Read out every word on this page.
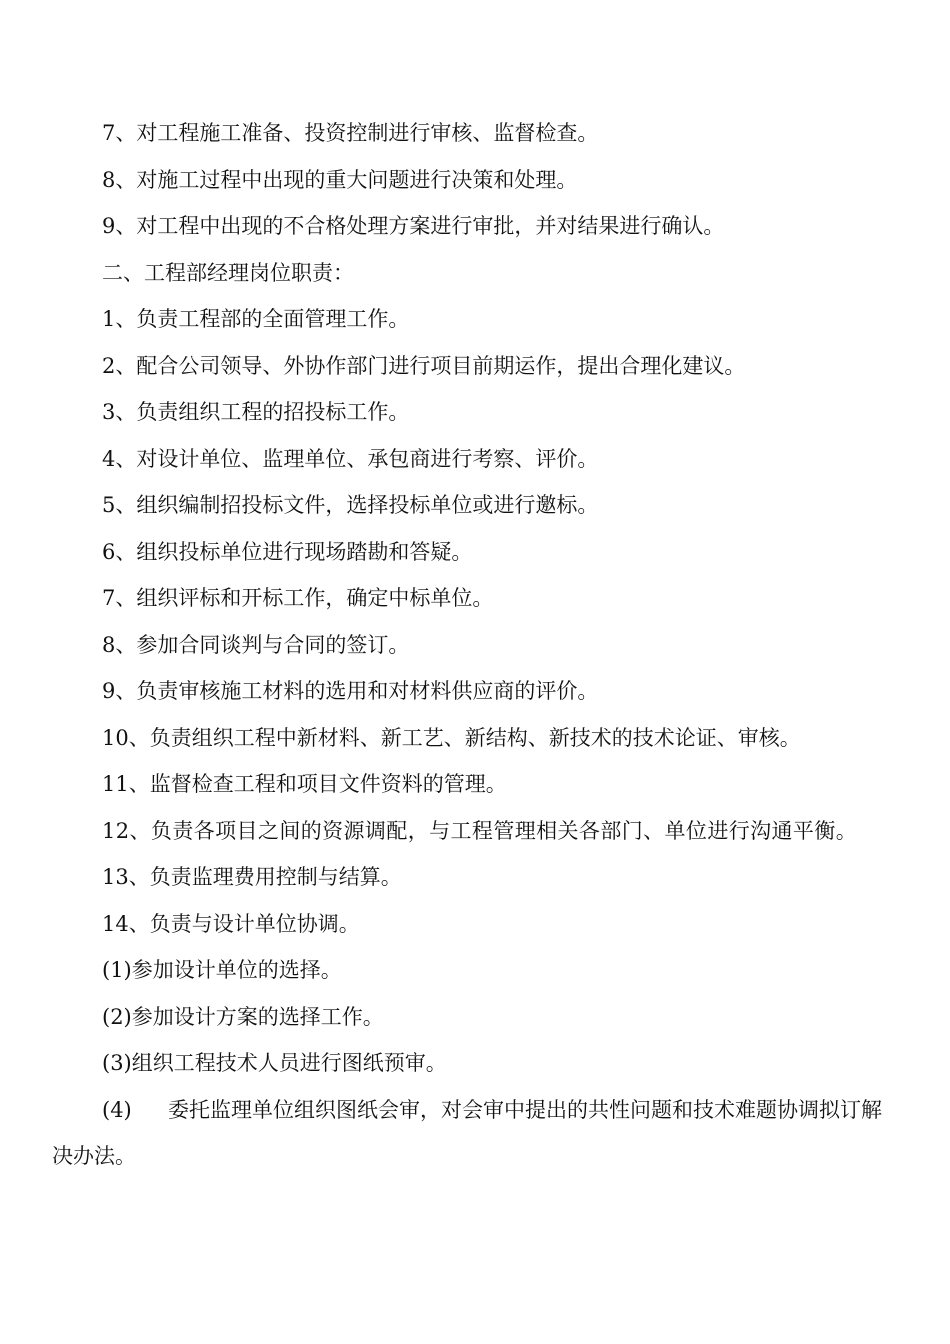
7、对工程施工准备、投资控制进行审核、监督检查。

8、对施工过程中出现的重大问题进行决策和处理。

9、对工程中出现的不合格处理方案进行审批，并对结果进行确认。

二、工程部经理岗位职责：

1、负责工程部的全面管理工作。

2、配合公司领导、外协作部门进行项目前期运作，提出合理化建议。

3、负责组织工程的招投标工作。

4、对设计单位、监理单位、承包商进行考察、评价。

5、组织编制招投标文件，选择投标单位或进行邀标。

6、组织投标单位进行现场踏勘和答疑。

7、组织评标和开标工作，确定中标单位。

8、参加合同谈判与合同的签订。

9、负责审核施工材料的选用和对材料供应商的评价。

10、负责组织工程中新材料、新工艺、新结构、新技术的技术论证、审核。

11、监督检查工程和项目文件资料的管理。

12、负责各项目之间的资源调配，与工程管理相关各部门、单位进行沟通平衡。

13、负责监理费用控制与结算。

14、负责与设计单位协调。

(1)参加设计单位的选择。

(2)参加设计方案的选择工作。

(3)组织工程技术人员进行图纸预审。

(4) 委托监理单位组织图纸会审，对会审中提出的共性问题和技术难题协调拟订解决办法。
